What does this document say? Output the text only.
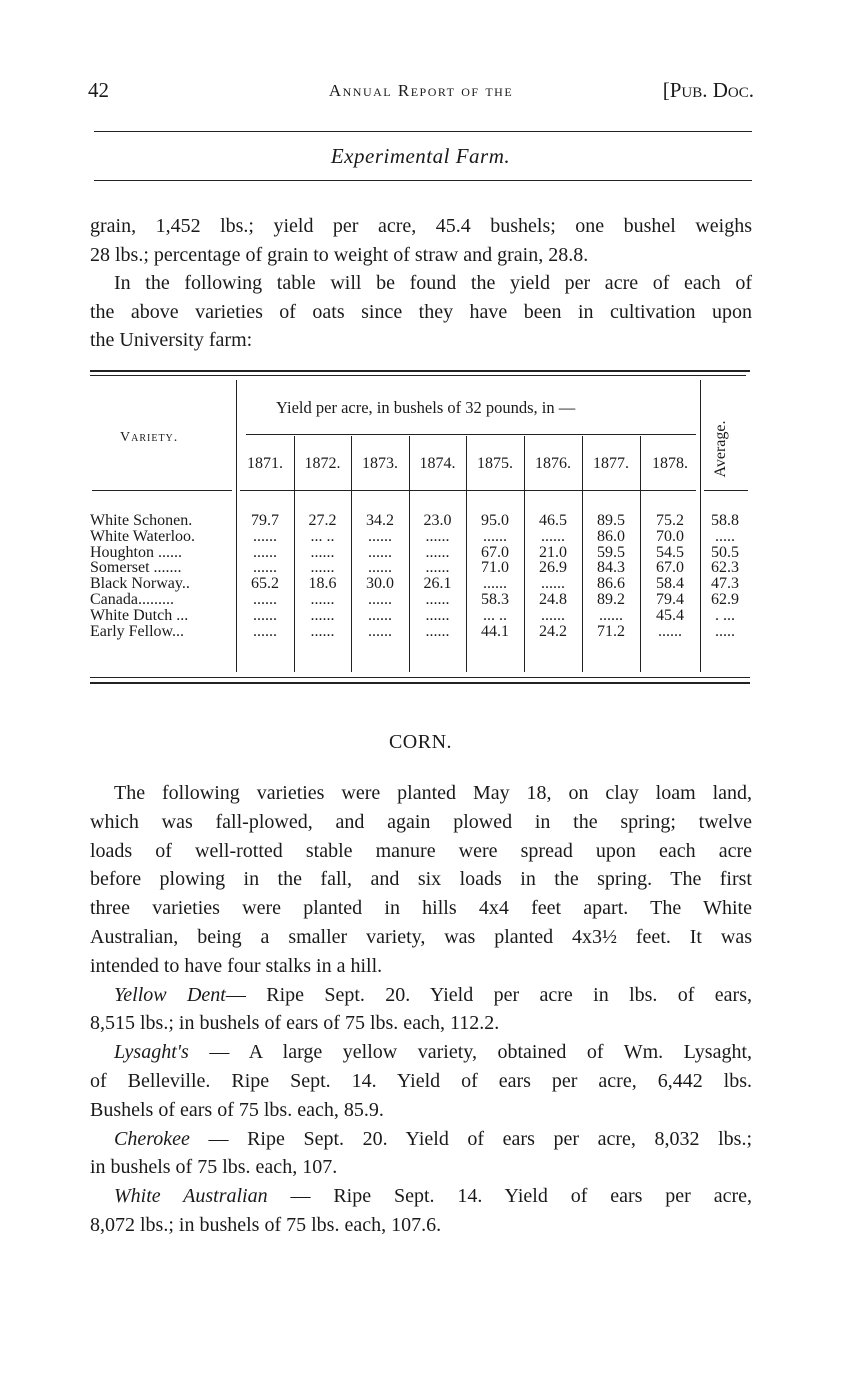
42	Annual Report of the	[Pub. Doc.
Experimental Farm.
grain, 1,452 lbs.; yield per acre, 45.4 bushels; one bushel weighs
28 lbs.; percentage of grain to weight of straw and grain, 28.8.
In the following table will be found the yield per acre of each of
the above varieties of oats since they have been in cultivation upon
the University farm:
Variety.
Yield per acre, in bushels of 32 pounds, in —
Average.
1871.	1872.	1873.	1874.	1875.	1876.	1877.	1878.
White Schonen.	79.7	27.2	34.2	23.0	95.0	46.5	89.5	75.2	58.8
White Waterloo.	......	... ..	......	......	......	......	86.0	70.0	.....
Houghton ......	......	......	......	......	67.0	21.0	59.5	54.5	50.5
Somerset .......	......	......	......	......	71.0	26.9	84.3	67.0	62.3
Black Norway..	65.2	18.6	30.0	26.1	......	......	86.6	58.4	47.3
Canada.........	......	......	......	......	58.3	24.8	89.2	79.4	62.9
White Dutch ...	......	......	......	......	... ..	......	......	45.4	. ...
Early Fellow...	......	......	......	......	44.1	24.2	71.2	......	.....
CORN.
The following varieties were planted May 18, on clay loam land,
which was fall-plowed, and again plowed in the spring; twelve
loads of well-rotted stable manure were spread upon each acre
before plowing in the fall, and six loads in the spring. The first
three varieties were planted in hills 4x4 feet apart. The White
Australian, being a smaller variety, was planted 4x3½ feet. It was
intended to have four stalks in a hill.
Yellow Dent— Ripe Sept. 20. Yield per acre in lbs. of ears,
8,515 lbs.; in bushels of ears of 75 lbs. each, 112.2.
Lysaght's — A large yellow variety, obtained of Wm. Lysaght,
of Belleville. Ripe Sept. 14. Yield of ears per acre, 6,442 lbs.
Bushels of ears of 75 lbs. each, 85.9.
Cherokee — Ripe Sept. 20. Yield of ears per acre, 8,032 lbs.;
in bushels of 75 lbs. each, 107.
White Australian — Ripe Sept. 14. Yield of ears per acre,
8,072 lbs.; in bushels of 75 lbs. each, 107.6.
